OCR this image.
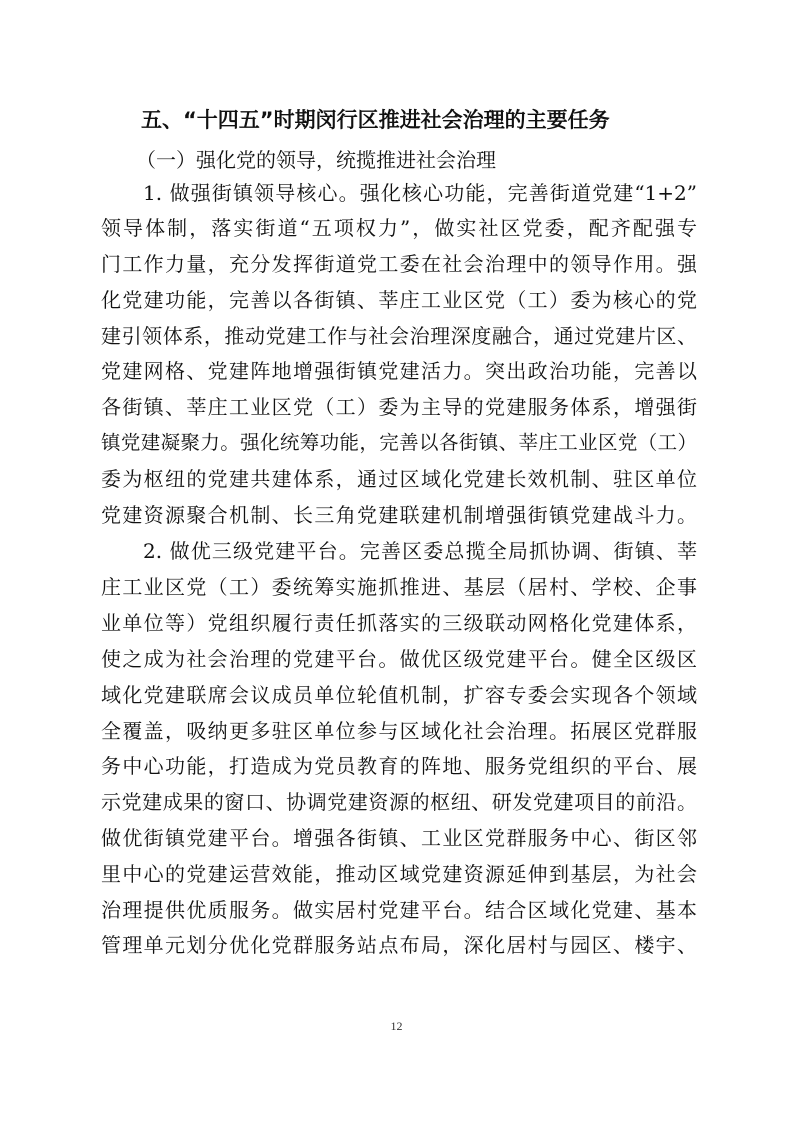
五、“十四五”时期闵行区推进社会治理的主要任务
（一）强化党的领导，统揽推进社会治理
1. 做强街镇领导核心。强化核心功能，完善街道党建“1+2”
领导体制，落实街道“五项权力”，做实社区党委，配齐配强专
门工作力量，充分发挥街道党工委在社会治理中的领导作用。强
化党建功能，完善以各街镇、莘庄工业区党（工）委为核心的党
建引领体系，推动党建工作与社会治理深度融合，通过党建片区、
党建网格、党建阵地增强街镇党建活力。突出政治功能，完善以
各街镇、莘庄工业区党（工）委为主导的党建服务体系，增强街
镇党建凝聚力。强化统筹功能，完善以各街镇、莘庄工业区党（工）
委为枢纽的党建共建体系，通过区域化党建长效机制、驻区单位
党建资源聚合机制、长三角党建联建机制增强街镇党建战斗力。
2. 做优三级党建平台。完善区委总揽全局抓协调、街镇、莘
庄工业区党（工）委统筹实施抓推进、基层（居村、学校、企事
业单位等）党组织履行责任抓落实的三级联动网格化党建体系，
使之成为社会治理的党建平台。做优区级党建平台。健全区级区
域化党建联席会议成员单位轮值机制，扩容专委会实现各个领域
全覆盖，吸纳更多驻区单位参与区域化社会治理。拓展区党群服
务中心功能，打造成为党员教育的阵地、服务党组织的平台、展
示党建成果的窗口、协调党建资源的枢纽、研发党建项目的前沿。
做优街镇党建平台。增强各街镇、工业区党群服务中心、街区邻
里中心的党建运营效能，推动区域党建资源延伸到基层，为社会
治理提供优质服务。做实居村党建平台。结合区域化党建、基本
管理单元划分优化党群服务站点布局，深化居村与园区、楼宇、
12
